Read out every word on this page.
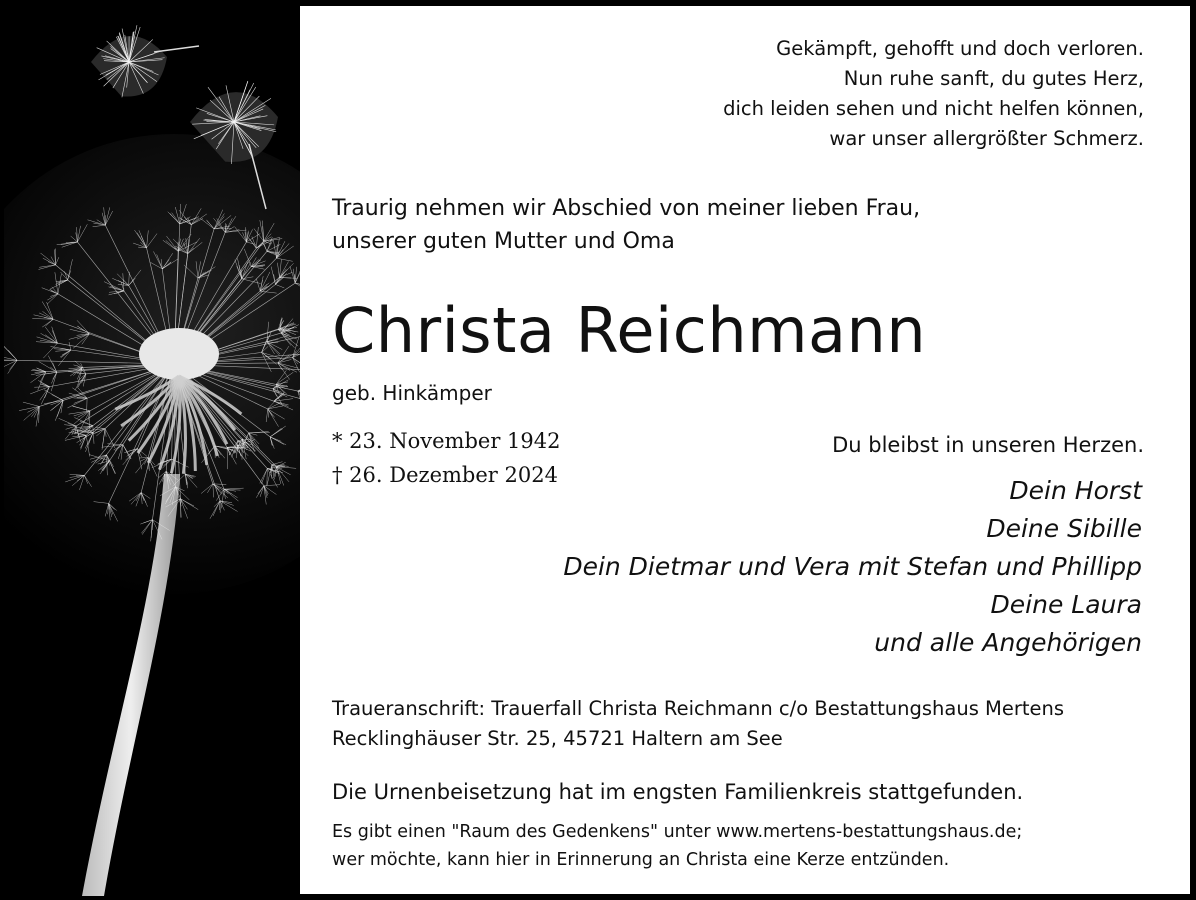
Gekämpft, gehofft und doch verloren.
Nun ruhe sanft, du gutes Herz,
dich leiden sehen und nicht helfen können,
war unser allergrößter Schmerz.
Traurig nehmen wir Abschied von meiner lieben Frau,
unserer guten Mutter und Oma
Christa Reichmann
geb. Hinkämper
* 23. November 1942
† 26. Dezember 2024
Du bleibst in unseren Herzen.
Dein Horst
Deine Sibille
Dein Dietmar und Vera mit Stefan und Phillipp
Deine Laura
und alle Angehörigen
Traueranschrift: Trauerfall Christa Reichmann c/o Bestattungshaus Mertens
Recklinghäuser Str. 25, 45721 Haltern am See
Die Urnenbeisetzung hat im engsten Familienkreis stattgefunden.
Es gibt einen "Raum des Gedenkens" unter www.mertens-bestattungshaus.de;
wer möchte, kann hier in Erinnerung an Christa eine Kerze entzünden.
